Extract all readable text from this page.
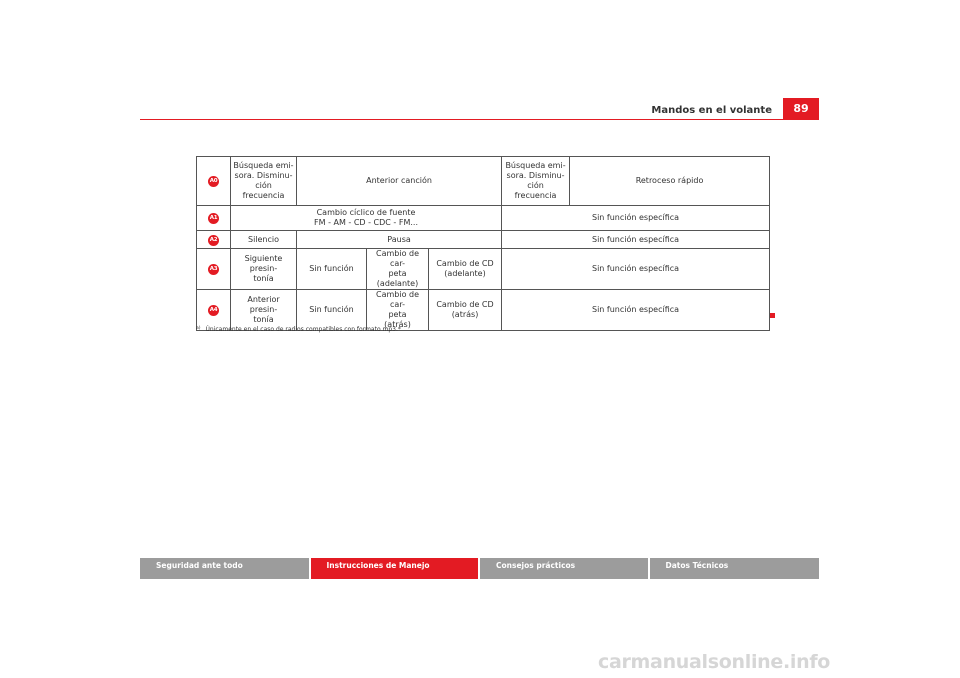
Mandos en el volante	89
A0	Búsqueda emi-
sora. Disminu-
ción
frecuencia	Anterior canción			Búsqueda emi-
sora. Disminu-
ción
frecuencia	Retroceso rápido
A1	Cambio cíclico de fuente
FM - AM - CD - CDC - FM...				Sin función específica	
A2	Silencio	Pausa			Sin función específica	
A3	Siguiente presin-
tonía	Sin función	Cambio de car-
peta
(adelante)	Cambio de CD
(adelante)	Sin función específica	
A4	Anterior presin-
tonía	Sin función	Cambio de car-
peta
(atrás)	Cambio de CD
(atrás)	Sin función específica	
$^{a)}$ Únicamente en el caso de radios compatibles con formato mp3.*
Seguridad ante todo	Instrucciones de Manejo	Consejos prácticos	Datos Técnicos
carmanualsonline.info
